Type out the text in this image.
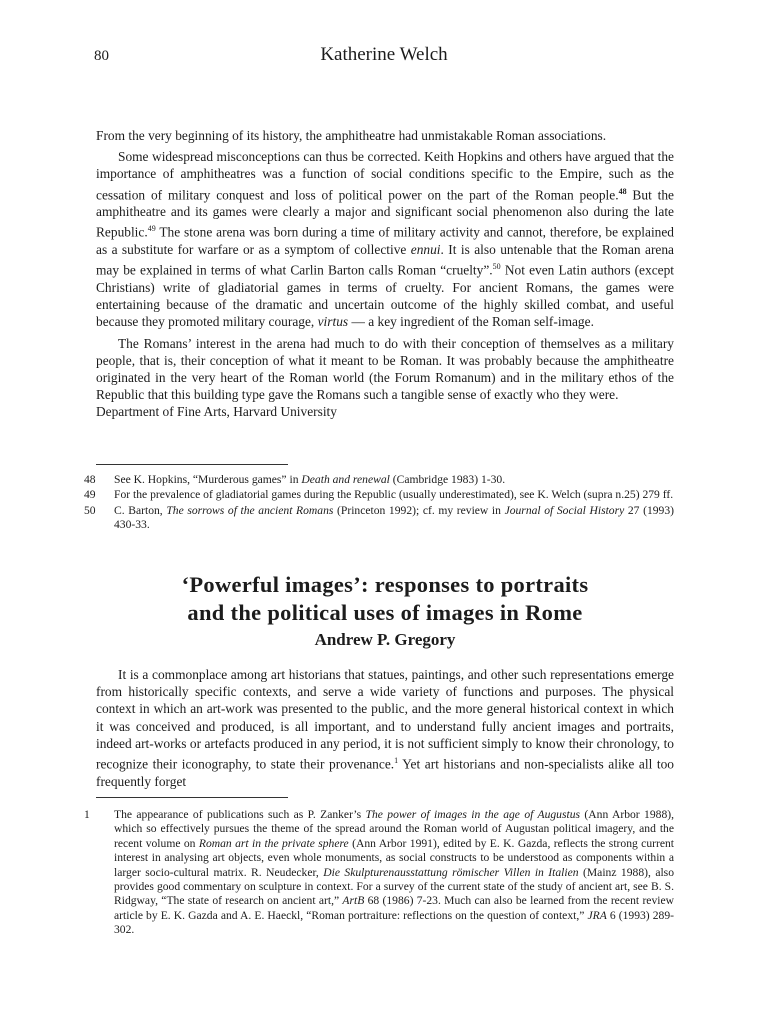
80	Katherine Welch

From the very beginning of its history, the amphitheatre had unmistakable Roman associations.

Some widespread misconceptions can thus be corrected. Keith Hopkins and others have argued that the importance of amphitheatres was a function of social conditions specific to the Empire, such as the cessation of military conquest and loss of political power on the part of the Roman people.$^{48}$ But the amphitheatre and its games were clearly a major and significant social phenomenon also during the late Republic.$^{49}$ The stone arena was born during a time of military activity and cannot, therefore, be explained as a substitute for warfare or as a symptom of collective ennui. It is also untenable that the Roman arena may be explained in terms of what Carlin Barton calls Roman “cruelty”.$^{50}$ Not even Latin authors (except Christians) write of gladiatorial games in terms of cruelty. For ancient Romans, the games were entertaining because of the dramatic and uncertain outcome of the highly skilled combat, and useful because they promoted military courage, virtus — a key ingredient of the Roman self-image.

The Romans’ interest in the arena had much to do with their conception of themselves as a military people, that is, their conception of what it meant to be Roman. It was probably because the amphitheatre originated in the very heart of the Roman world (the Forum Romanum) and in the military ethos of the Republic that this building type gave the Romans such a tangible sense of exactly who they were.

Department of Fine Arts, Harvard University

48	See K. Hopkins, “Murderous games” in Death and renewal (Cambridge 1983) 1-30.
49	For the prevalence of gladiatorial games during the Republic (usually underestimated), see K. Welch (supra n.25) 279 ff.
50	C. Barton, The sorrows of the ancient Romans (Princeton 1992); cf. my review in Journal of Social History 27 (1993) 430-33.
‘Powerful images’: responses to portraits
and the political uses of images in Rome
Andrew P. Gregory

It is a commonplace among art historians that statues, paintings, and other such representations emerge from historically specific contexts, and serve a wide variety of functions and purposes. The physical context in which an art-work was presented to the public, and the more general historical context in which it was conceived and produced, is all important, and to understand fully ancient images and portraits, indeed art-works or artefacts produced in any period, it is not sufficient simply to know their chronology, to recognize their iconography, to state their provenance.$^1$ Yet art historians and non-specialists alike all too frequently forget

1	The appearance of publications such as P. Zanker’s The power of images in the age of Augustus (Ann Arbor 1988), which so effectively pursues the theme of the spread around the Roman world of Augustan political imagery, and the recent volume on Roman art in the private sphere (Ann Arbor 1991), edited by E. K. Gazda, reflects the strong current interest in analysing art objects, even whole monuments, as social constructs to be understood as components within a larger socio-cultural matrix. R. Neudecker, Die Skulpturenausstattung römischer Villen in Italien (Mainz 1988), also provides good commentary on sculpture in context. For a survey of the current state of the study of ancient art, see B. S. Ridgway, “The state of research on ancient art,” ArtB 68 (1986) 7-23. Much can also be learned from the recent review article by E. K. Gazda and A. E. Haeckl, “Roman portraiture: reflections on the question of context,” JRA 6 (1993) 289-302.
